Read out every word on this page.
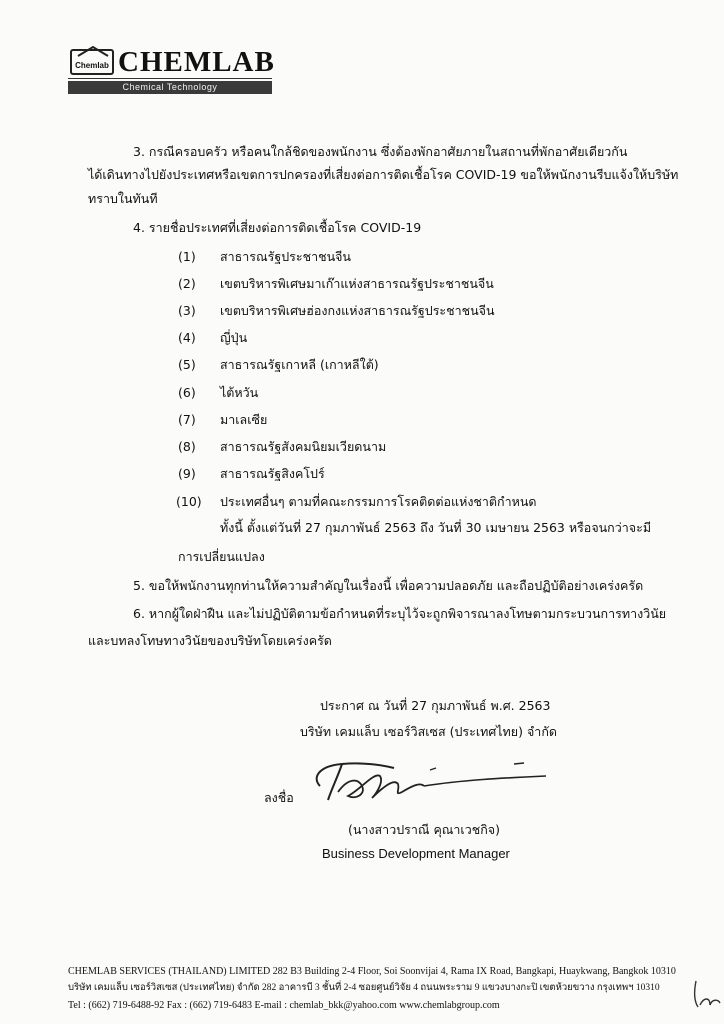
Chemlab CHEMLAB
Chemical Technology
3. กรณีครอบครัว หรือคนใกล้ชิดของพนักงาน ซึ่งต้องพักอาศัยภายในสถานที่พักอาศัยเดียวกัน
ได้เดินทางไปยังประเทศหรือเขตการปกครองที่เสี่ยงต่อการติดเชื้อโรค COVID-19 ขอให้พนักงานรีบแจ้งให้บริษัท
ทราบในทันที
4. รายชื่อประเทศที่เสี่ยงต่อการติดเชื้อโรค COVID-19
(1) สาธารณรัฐประชาชนจีน
(2) เขตบริหารพิเศษมาเก๊าแห่งสาธารณรัฐประชาชนจีน
(3) เขตบริหารพิเศษฮ่องกงแห่งสาธารณรัฐประชาชนจีน
(4) ญี่ปุ่น
(5) สาธารณรัฐเกาหลี (เกาหลีใต้)
(6) ไต้หวัน
(7) มาเลเซีย
(8) สาธารณรัฐสังคมนิยมเวียดนาม
(9) สาธารณรัฐสิงคโปร์
(10) ประเทศอื่นๆ ตามที่คณะกรรมการโรคติดต่อแห่งชาติกำหนด
ทั้งนี้ ตั้งแต่วันที่ 27 กุมภาพันธ์ 2563 ถึง วันที่ 30 เมษายน 2563 หรือจนกว่าจะมี
การเปลี่ยนแปลง
5. ขอให้พนักงานทุกท่านให้ความสำคัญในเรื่องนี้ เพื่อความปลอดภัย และถือปฏิบัติอย่างเคร่งครัด
6. หากผู้ใดฝ่าฝืน และไม่ปฏิบัติตามข้อกำหนดที่ระบุไว้จะถูกพิจารณาลงโทษตามกระบวนการทางวินัย
และบทลงโทษทางวินัยของบริษัทโดยเคร่งครัด
ประกาศ ณ วันที่ 27 กุมภาพันธ์ พ.ศ. 2563
บริษัท เคมแล็บ เซอร์วิสเซส (ประเทศไทย) จำกัด
ลงชื่อ
(นางสาวปราณี คุณาเวชกิจ)
Business Development Manager
CHEMLAB SERVICES (THAILAND) LIMITED 282 B3 Building 2-4 Floor, Soi Soonvijai 4, Rama IX Road, Bangkapi, Huaykwang, Bangkok 10310
บริษัท เคมแล็บ เซอร์วิสเซส (ประเทศไทย) จำกัด 282 อาคารบี 3 ชั้นที่ 2-4 ซอยศูนย์วิจัย 4 ถนนพระราม 9 แขวงบางกะปิ เขตห้วยขวาง กรุงเทพฯ 10310
Tel : (662) 719-6488-92 Fax : (662) 719-6483 E-mail : chemlab_bkk@yahoo.com www.chemlabgroup.com
